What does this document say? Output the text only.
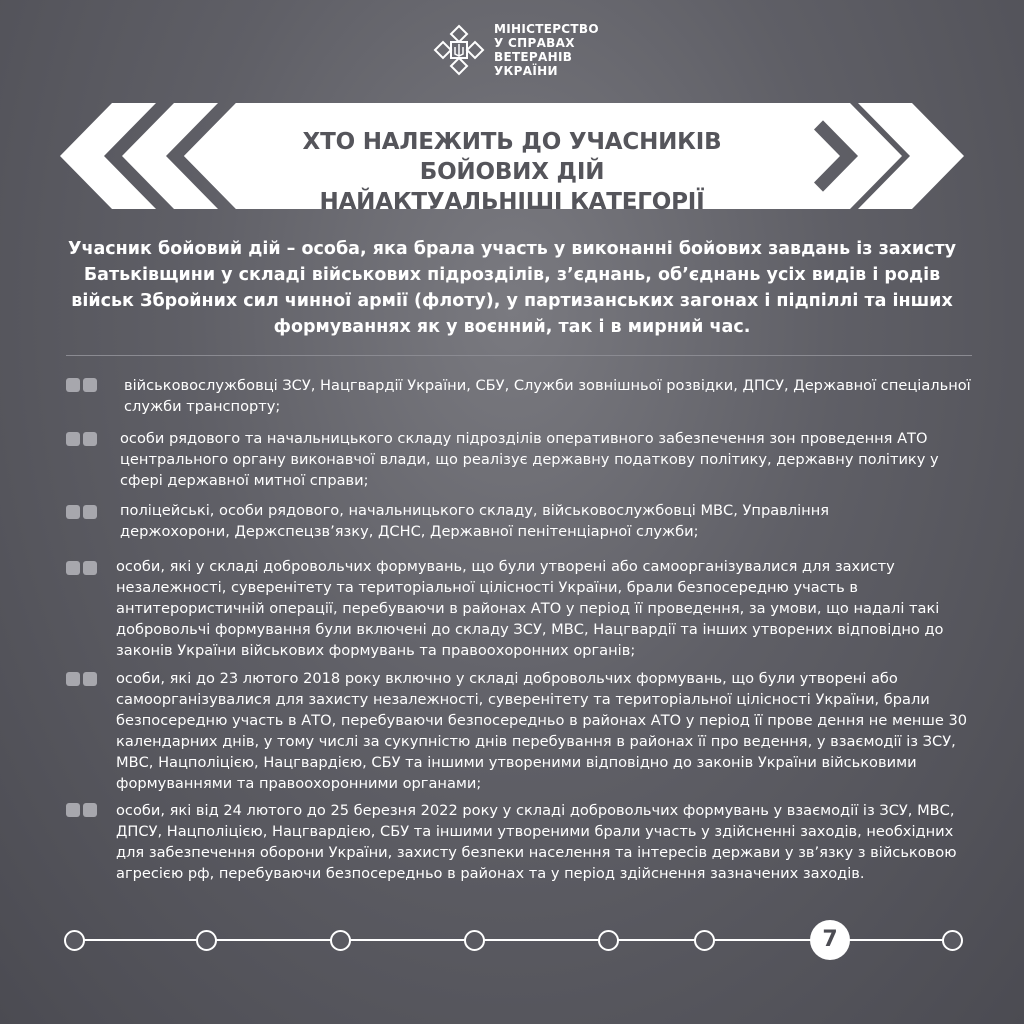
МІНІСТЕРСТВО
У СПРАВАХ
ВЕТЕРАНІВ
УКРАЇНИ
ХТО НАЛЕЖИТЬ ДО УЧАСНИКІВ БОЙОВИХ ДІЙ
НАЙАКТУАЛЬНІШІ КАТЕГОРІЇ
Учасник бойовий дій – особа, яка брала участь у виконанні бойових завдань із захисту Батьківщини у складі військових підрозділів, з’єднань, об’єднань усіх видів і родів військ Збройних сил чинної армії (флоту), у партизанських загонах і підпіллі та інших формуваннях як у воєнний, так і в мирний час.
військовослужбовці ЗСУ, Нацгвардії України, СБУ, Служби зовнішньої розвідки, ДПСУ, Державної спеціальної служби транспорту;
особи рядового та начальницького складу підрозділів оперативного забезпечення зон проведення АТО центрального органу виконавчої влади, що реалізує державну податкову політику, державну політику у сфері державної митної справи;
поліцейські, особи рядового, начальницького складу, військовослужбовці МВС, Управління держохорони, Держспецзв’язку, ДСНС, Державної пенітенціарної служби;
особи, які у складі добровольчих формувань, що були утворені або самоорганізувалися для захисту незалежності, суверенітету та територіальної цілісності України, брали безпосередню участь в антитерористичній операції, перебуваючи в районах АТО у період її проведення, за умови, що надалі такі добровольчі формування були включені до складу ЗСУ, МВС, Нацгвардії та інших утворених відповідно до законів України військових формувань та правоохоронних органів;
особи, які до 23 лютого 2018 року включно у складі добровольчих формувань, що були утворені або самоорганізувалися для захисту незалежності, суверенітету та територіальної цілісності України, брали безпосередню участь в АТО, перебуваючи безпосередньо в районах АТО у період її прове дення не менше 30 календарних днів, у тому числі за сукупністю днів перебування в районах її про ведення, у взаємодії із ЗСУ, МВС, Нацполіцією, Нацгвардією, СБУ та іншими утвореними відповідно до законів України військовими формуваннями та правоохоронними органами;
особи, які від 24 лютого до 25 березня 2022 року у складі добровольчих формувань у взаємодії із ЗСУ, МВС, ДПСУ, Нацполіцією, Нацгвардією, СБУ та іншими утвореними брали участь у здійсненні заходів, необхідних для забезпечення оборони України, захисту безпеки населення та інтересів держави у зв’язку з військовою агресією рф, перебуваючи безпосередньо в районах та у період здійснення зазначених заходів.
7
